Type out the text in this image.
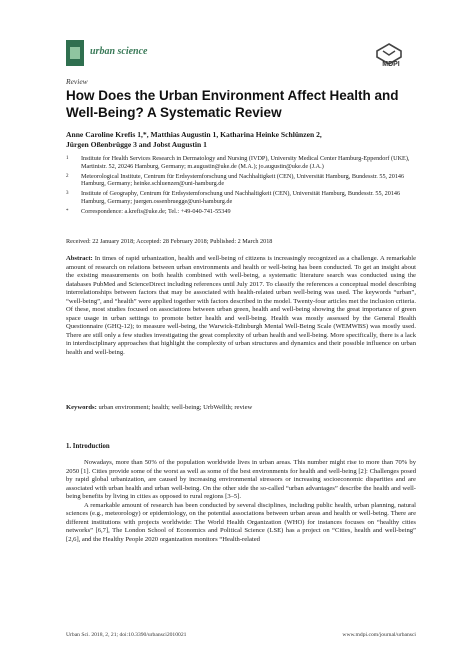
urban science
MDPI
Review
How Does the Urban Environment Affect Health and Well-Being? A Systematic Review
Anne Caroline Krefis 1,*, Matthias Augustin 1, Katharina Heinke Schlünzen 2,
Jürgen Oßenbrügge 3 and Jobst Augustin 1
1 Institute for Health Services Research in Dermatology and Nursing (IVDP), University Medical Center Hamburg-Eppendorf (UKE), Martinistr. 52, 20246 Hamburg, Germany; m.augustin@uke.de (M.A.); jo.augustin@uke.de (J.A.)
2 Meteorological Institute, Centrum für Erdsystemforschung und Nachhaltigkeit (CEN), Universität Hamburg, Bundesstr. 55, 20146 Hamburg, Germany; heinke.schluenzen@uni-hamburg.de
3 Institute of Geography, Centrum für Erdsystemforschung und Nachhaltigkeit (CEN), Universität Hamburg, Bundesstr. 55, 20146 Hamburg, Germany; juergen.ossenbruegge@uni-hamburg.de
* Correspondence: a.krefis@uke.de; Tel.: +49-040-741-55349
Received: 22 January 2018; Accepted: 28 February 2018; Published: 2 March 2018
Abstract: In times of rapid urbanization, health and well-being of citizens is increasingly recognized as a challenge. A remarkable amount of research on relations between urban environments and health or well-being has been conducted. To get an insight about the existing measurements on both health combined with well-being, a systematic literature search was conducted using the databases PubMed and ScienceDirect including references until July 2017. To classify the references a conceptual model describing interrelationships between factors that may be associated with health-related urban well-being was used. The keywords “urban”, “well-being”, and “health” were applied together with factors described in the model. Twenty-four articles met the inclusion criteria. Of these, most studies focused on associations between urban green, health and well-being showing the great importance of green space usage in urban settings to promote better health and well-being. Health was mostly assessed by the General Health Questionnaire (GHQ-12); to measure well-being, the Warwick-Edinburgh Mental Well-Being Scale (WEMWBS) was mostly used. There are still only a few studies investigating the great complexity of urban health and well-being. More specifically, there is a lack in interdisciplinary approaches that highlight the complexity of urban structures and dynamics and their possible influence on urban health and well-being.
Keywords: urban environment; health; well-being; UrbWellth; review
1. Introduction

Nowadays, more than 50% of the population worldwide lives in urban areas. This number might rise to more than 70% by 2050 [1]. Cities provide some of the worst as well as some of the best environments for health and well-being [2]: Challenges posed by rapid global urbanization, are caused by increasing environmental stressors or increasing socioeconomic disparities and are associated with urban health and urban well-being. On the other side the so-called “urban advantages” describe the health and well-being benefits by living in cities as opposed to rural regions [3–5].

A remarkable amount of research has been conducted by several disciplines, including public health, urban planning, natural sciences (e.g., meteorology) or epidemiology, on the potential associations between urban areas and health or well-being. There are different institutions with projects worldwide: The World Health Organization (WHO) for instances focuses on “healthy cities networks” [6,7], The London School of Economics and Political Science (LSE) has a project on “Cities, health and well-being” [2,6], and the Healthy People 2020 organization monitors “Health-related

Urban Sci. 2018, 2, 21; doi:10.3390/urbansci2010021	www.mdpi.com/journal/urbansci
